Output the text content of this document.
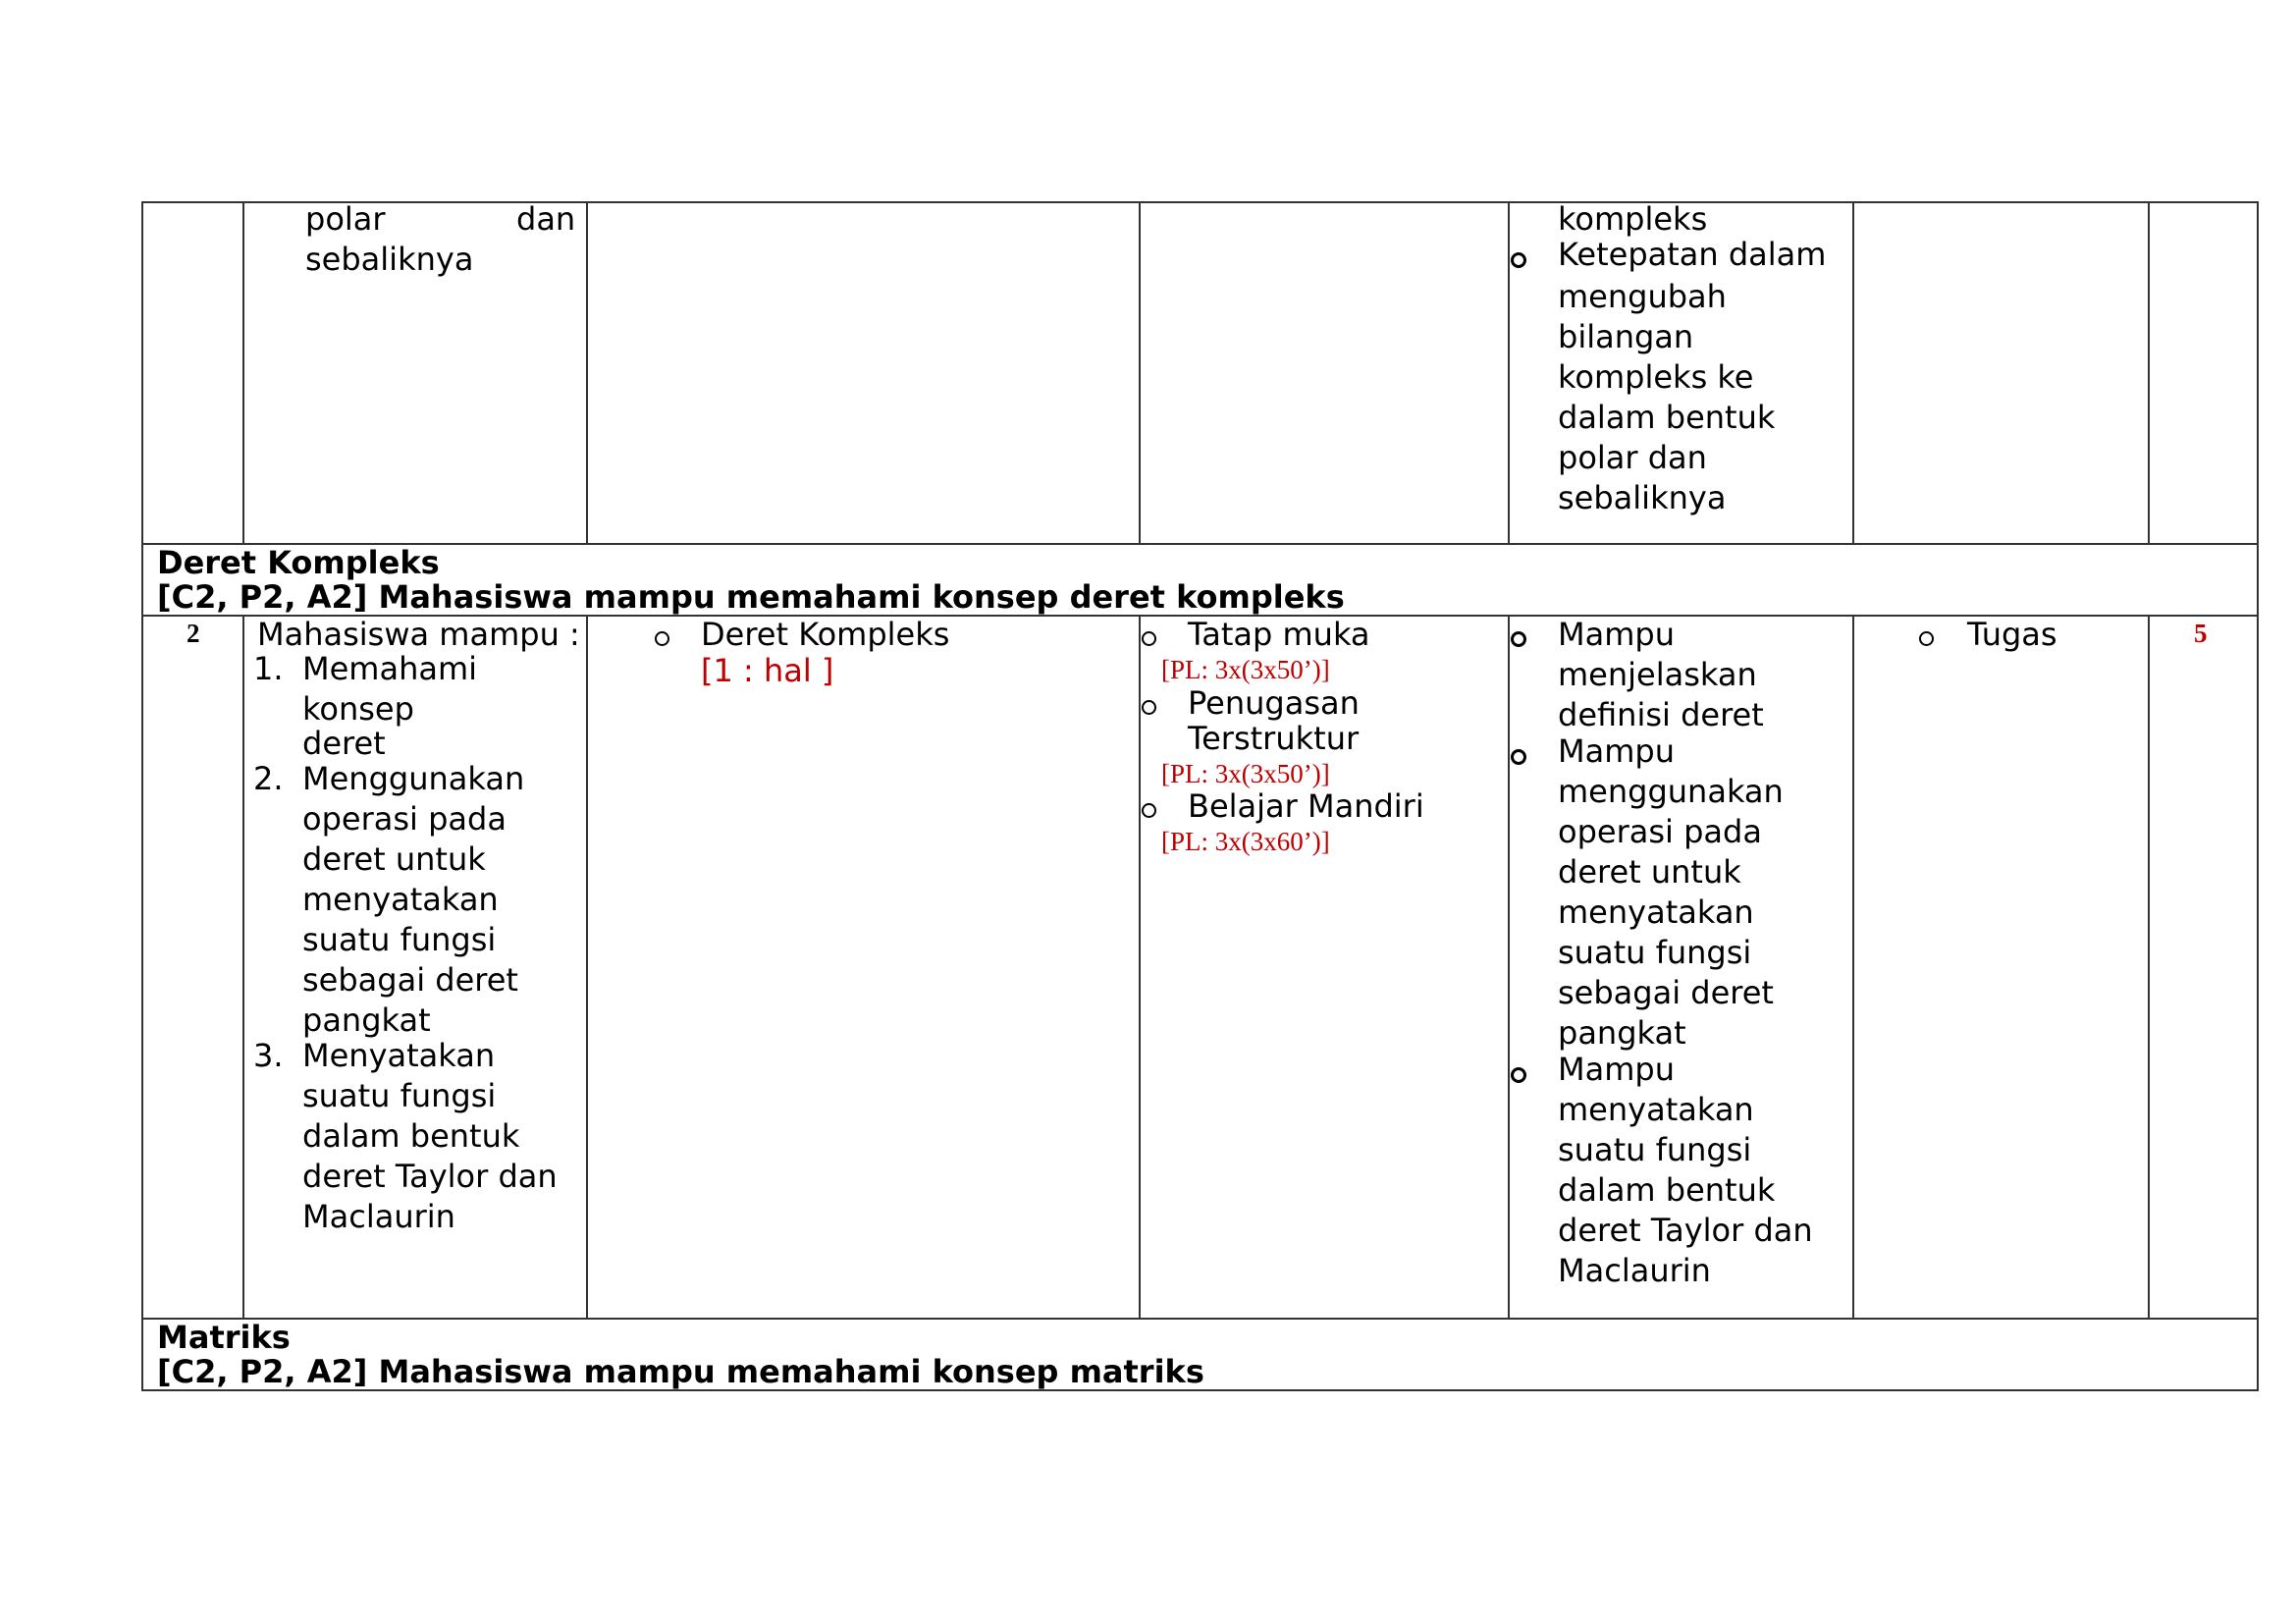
polar	dan
sebaliknya
kompleks
Ketepatan dalam
mengubah
bilangan
kompleks ke
dalam bentuk
polar dan
sebaliknya
Deret Kompleks
[C2, P2, A2] Mahasiswa mampu memahami konsep deret kompleks
2 Mahasiswa mampu :
1. Memahami
konsep
deret
2. Menggunakan
operasi pada
deret untuk
menyatakan
suatu fungsi
sebagai deret
pangkat
3. Menyatakan
suatu fungsi
dalam bentuk
deret Taylor dan
Maclaurin
Deret Kompleks
[1 : hal ]
Tatap muka
[PL: 3x(3x50’)]
Penugasan
Terstruktur
[PL: 3x(3x50’)]
Belajar Mandiri
[PL: 3x(3x60’)]
Mampu
menjelaskan
definisi deret
Mampu
menggunakan
operasi pada
deret untuk
menyatakan
suatu fungsi
sebagai deret
pangkat
Mampu
menyatakan
suatu fungsi
dalam bentuk
deret Taylor dan
Maclaurin
Tugas	5
Matriks
[C2, P2, A2] Mahasiswa mampu memahami konsep matriks
